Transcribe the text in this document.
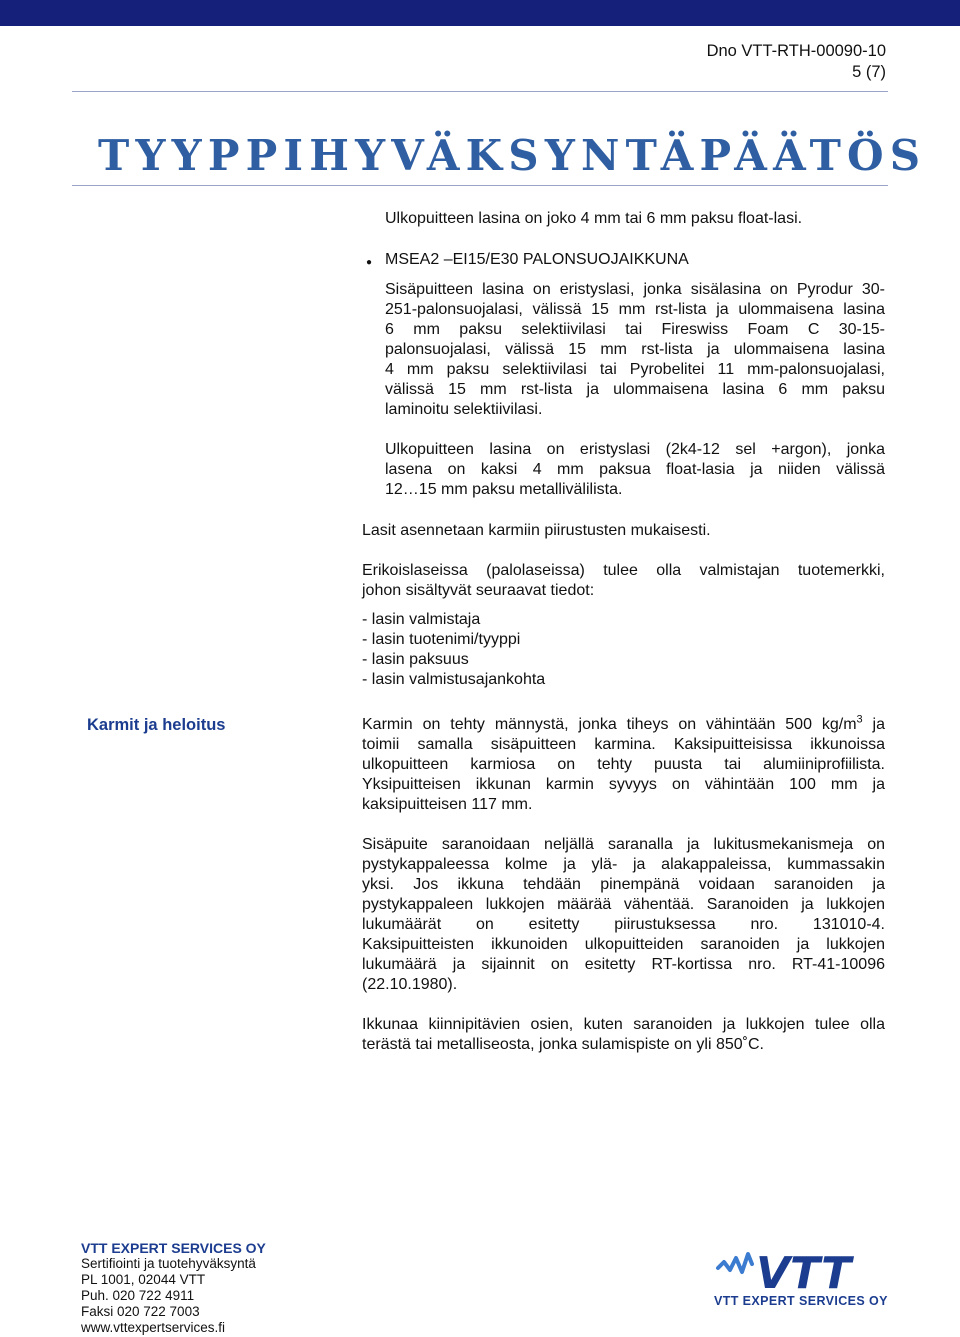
Dno VTT-RTH-00090-10
5 (7)
TYYPPIHYVÄKSYNTÄPÄÄTÖS

Ulkopuitteen lasina on joko 4 mm tai 6 mm paksu float-lasi.

● MSEA2 –EI15/E30 PALONSUOJAIKKUNA

Sisäpuitteen lasina on eristyslasi, jonka sisälasina on Pyrodur 30-
251-palonsuojalasi, välissä 15 mm rst-lista ja ulommaisena lasina
6 mm paksu selektiivilasi tai Fireswiss Foam C 30-15-
palonsuojalasi, välissä 15 mm rst-lista ja ulommaisena lasina
4 mm paksu selektiivilasi tai Pyrobelitei 11 mm-palonsuojalasi,
välissä 15 mm rst-lista ja ulommaisena lasina 6 mm paksu
laminoitu selektiivilasi.
Ulkopuitteen lasina on eristyslasi (2k4-12 sel +argon), jonka
lasena on kaksi 4 mm paksua float-lasia ja niiden välissä
12…15 mm paksu metallivälilista.

Lasit asennetaan karmiin piirustusten mukaisesti.

Erikoislaseissa (palolaseissa) tulee olla valmistajan tuotemerkki,
johon sisältyvät seuraavat tiedot:
- lasin valmistaja
- lasin tuotenimi/tyyppi
- lasin paksuus
- lasin valmistusajankohta
Karmit ja heloitus	Karmin on tehty männystä, jonka tiheys on vähintään 500 $kg/m^3$ ja
toimii samalla sisäpuitteen karmina. Kaksipuitteisissa ikkunoissa
ulkopuitteen karmiosa on tehty puusta tai alumiiniprofiilista.
Yksipuitteisen ikkunan karmin syvyys on vähintään 100 mm ja
kaksipuitteisen 117 mm.
Sisäpuite saranoidaan neljällä saranalla ja lukitusmekanismeja on
pystykappaleessa kolme ja ylä- ja alakappaleissa, kummassakin
yksi. Jos ikkuna tehdään pinempänä voidaan saranoiden ja
pystykappaleen lukkojen määrää vähentää. Saranoiden ja lukkojen
lukumäärät on esitetty piirustuksessa nro. 131010-4.
Kaksipuitteisten ikkunoiden ulkopuitteiden saranoiden ja lukkojen
lukumäärä ja sijainnit on esitetty RT-kortissa nro. RT-41-10096
(22.10.1980).
Ikkunaa kiinnipitävien osien, kuten saranoiden ja lukkojen tulee olla
terästä tai metalliseosta, jonka sulamispiste on yli 850˚C.
VTT EXPERT SERVICES OY
Sertifiointi ja tuotehyväksyntä
PL 1001, 02044 VTT
Puh. 020 722 4911
Faksi 020 722 7003
www.vttexpertservices.fi
VTT
VTT EXPERT SERVICES OY
